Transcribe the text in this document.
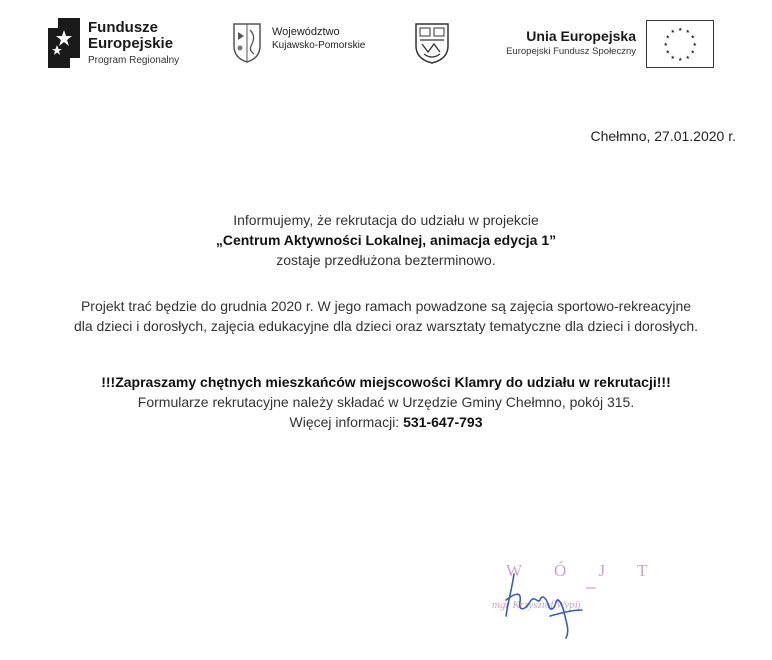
Fundusze
Europejskie
Program Regionalny
Województwo
Kujawsko-Pomorskie
Unia Europejska
Europejski Fundusz Społeczny
★ ★
★
★
★
★
★
★
★
★
★
★
Chełmno, 27.01.2020 r.

Informujemy, że rekrutacja do udziału w projekcie

„Centrum Aktywności Lokalnej, animacja edycja 1”

zostaje przedłużona bezterminowo.

Projekt trać będzie do grudnia 2020 r. W jego ramach powadzone są zajęcia sportowo-rekreacyjne

dla dzieci i dorosłych, zajęcia edukacyjne dla dzieci oraz warsztaty tematyczne dla dzieci i dorosłych.

!!!Zapraszamy chętnych mieszkańców miejscowości Klamry do udziału w rekrutacji!!!

Formularze rekrutacyjne należy składać w Urzędzie Gminy Chełmno, pokój 315.

Więcej informacji: 531-647-793

W Ó J T
mgr Krzysztof Wypij
